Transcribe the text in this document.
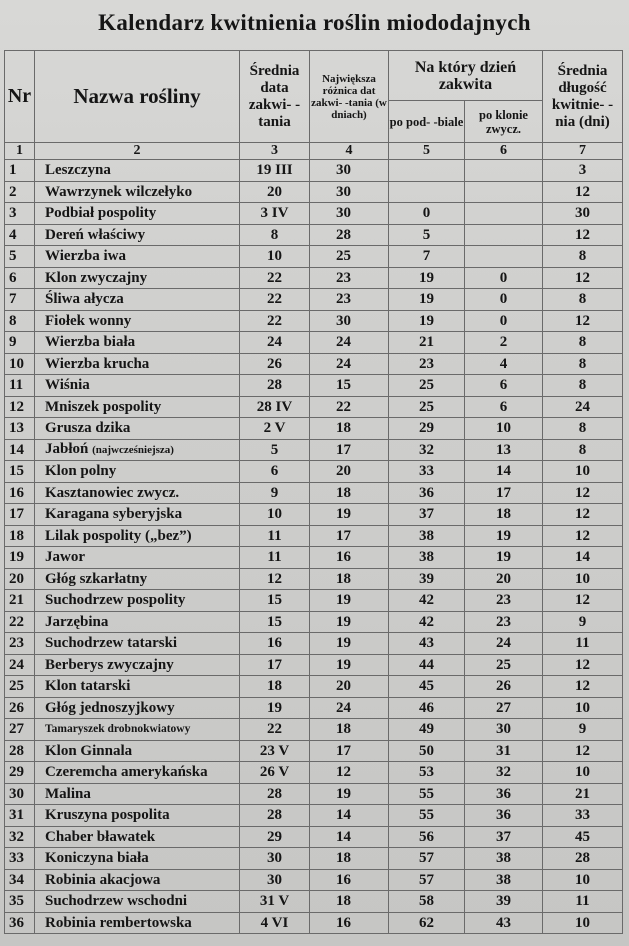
Kalendarz kwitnienia roślin miododajnych
Nr	Nazwa rośliny	Średnia data zakwi- -tania	Największa różnica dat zakwi- -tania (w dniach)	Na który dzień zakwita		Średnia długość kwitnie- -nia (dni)
				po pod- -biale	po klonie zwycz.	
1	2	3	4	5	6	7
1	Leszczyna	19 III	30			3
2	Wawrzynek wilczełyko	20	30			12
3	Podbiał pospolity	3 IV	30	0		30
4	Dereń właściwy	8	28	5		12
5	Wierzba iwa	10	25	7		8
6	Klon zwyczajny	22	23	19	0	12
7	Śliwa ałycza	22	23	19	0	8
8	Fiołek wonny	22	30	19	0	12
9	Wierzba biała	24	24	21	2	8
10	Wierzba krucha	26	24	23	4	8
11	Wiśnia	28	15	25	6	8
12	Mniszek pospolity	28 IV	22	25	6	24
13	Grusza dzika	2 V	18	29	10	8
14	Jabłoń (najwcześniejsza)	5	17	32	13	8
15	Klon polny	6	20	33	14	10
16	Kasztanowiec zwycz.	9	18	36	17	12
17	Karagana syberyjska	10	19	37	18	12
18	Lilak pospolity („bez”)	11	17	38	19	12
19	Jawor	11	16	38	19	14
20	Głóg szkarłatny	12	18	39	20	10
21	Suchodrzew pospolity	15	19	42	23	12
22	Jarzębina	15	19	42	23	9
23	Suchodrzew tatarski	16	19	43	24	11
24	Berberys zwyczajny	17	19	44	25	12
25	Klon tatarski	18	20	45	26	12
26	Głóg jednoszyjkowy	19	24	46	27	10
27	Tamaryszek drobnokwiatowy	22	18	49	30	9
28	Klon Ginnala	23 V	17	50	31	12
29	Czeremcha amerykańska	26 V	12	53	32	10
30	Malina	28	19	55	36	21
31	Kruszyna pospolita	28	14	55	36	33
32	Chaber bławatek	29	14	56	37	45
33	Koniczyna biała	30	18	57	38	28
34	Robinia akacjowa	30	16	57	38	10
35	Suchodrzew wschodni	31 V	18	58	39	11
36	Robinia rembertowska	4 VI	16	62	43	10
